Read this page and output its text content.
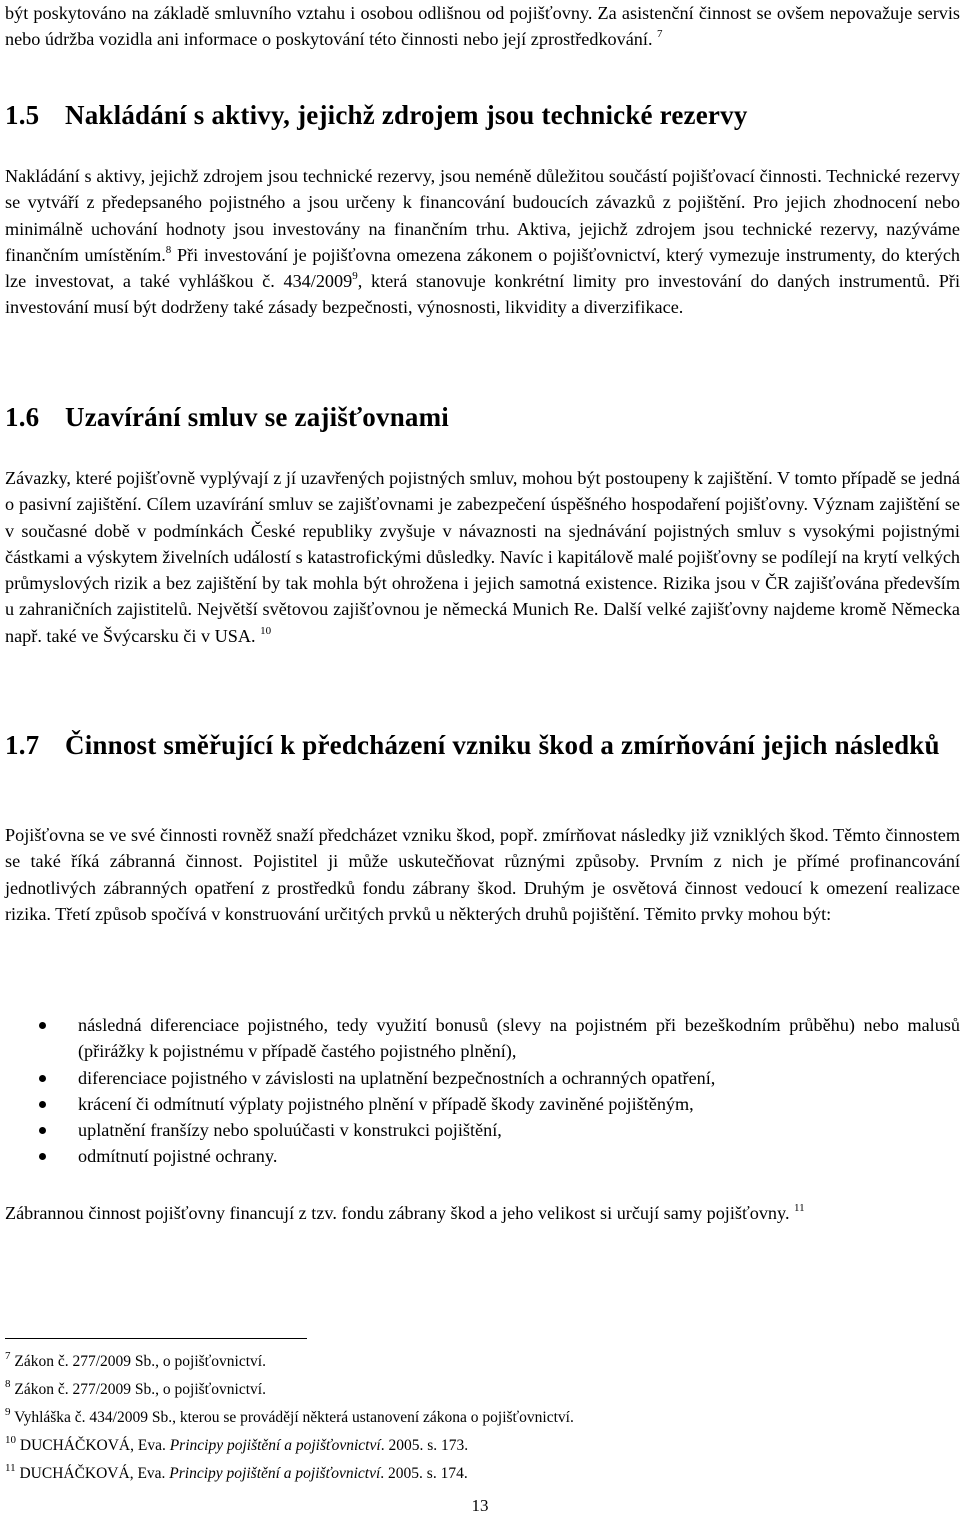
být poskytováno na základě smluvního vztahu i osobou odlišnou od pojišťovny. Za asistenční činnost se ovšem nepovažuje servis nebo údržba vozidla ani informace o poskytování této činnosti nebo její zprostředkování. $^7$

1.5 Nakládání s aktivy, jejichž zdrojem jsou technické rezervy

Nakládání s aktivy, jejichž zdrojem jsou technické rezervy, jsou neméně důležitou součástí pojišťovací činnosti. Technické rezervy se vytváří z předepsaného pojistného a jsou určeny k financování budoucích závazků z pojištění. Pro jejich zhodnocení nebo minimálně uchování hodnoty jsou investovány na finančním trhu. Aktiva, jejichž zdrojem jsou technické rezervy, nazýváme finančním umístěním.$^8$ Při investování je pojišťovna omezena zákonem o pojišťovnictví, který vymezuje instrumenty, do kterých lze investovat, a také vyhláškou č. 434/2009$^9$, která stanovuje konkrétní limity pro investování do daných instrumentů. Při investování musí být dodrženy také zásady bezpečnosti, výnosnosti, likvidity a diverzifikace.

1.6 Uzavírání smluv se zajišťovnami

Závazky, které pojišťovně vyplývají z jí uzavřených pojistných smluv, mohou být postoupeny k zajištění. V tomto případě se jedná o pasivní zajištění. Cílem uzavírání smluv se zajišťovnami je zabezpečení úspěšného hospodaření pojišťovny. Význam zajištění se v současné době v podmínkách České republiky zvyšuje v návaznosti na sjednávání pojistných smluv s vysokými pojistnými částkami a výskytem živelních událostí s katastrofickými důsledky. Navíc i kapitálově malé pojišťovny se podílejí na krytí velkých průmyslových rizik a bez zajištění by tak mohla být ohrožena i jejich samotná existence. Rizika jsou v ČR zajišťována především u zahraničních zajistitelů. Největší světovou zajišťovnou je německá Munich Re. Další velké zajišťovny najdeme kromě Německa např. také ve Švýcarsku či v USA. $^{10}$

1.7 Činnost směřující k předcházení vzniku škod a zmírňování jejich následků

Pojišťovna se ve své činnosti rovněž snaží předcházet vzniku škod, popř. zmírňovat následky již vzniklých škod. Těmto činnostem se také říká zábranná činnost. Pojistitel ji může uskutečňovat různými způsoby. Prvním z nich je přímé profinancování jednotlivých zábranných opatření z prostředků fondu zábrany škod. Druhým je osvětová činnost vedoucí k omezení realizace rizika. Třetí způsob spočívá v konstruování určitých prvků u některých druhů pojištění. Těmito prvky mohou být:

následná diferenciace pojistného, tedy využití bonusů (slevy na pojistném při bezeškodním průběhu) nebo malusů (přirážky k pojistnému v případě častého pojistného plnění),
diferenciace pojistného v závislosti na uplatnění bezpečnostních a ochranných opatření,
krácení či odmítnutí výplaty pojistného plnění v případě škody zaviněné pojištěným,
uplatnění franšízy nebo spoluúčasti v konstrukci pojištění,
odmítnutí pojistné ochrany.

Zábrannou činnost pojišťovny financují z tzv. fondu zábrany škod a jeho velikost si určují samy pojišťovny. $^{11}$

$^7$ Zákon č. 277/2009 Sb., o pojišťovnictví.

$^8$ Zákon č. 277/2009 Sb., o pojišťovnictví.

$^9$ Vyhláška č. 434/2009 Sb., kterou se provádějí některá ustanovení zákona o pojišťovnictví.

$^{10}$ DUCHÁČKOVÁ, Eva. Principy pojištění a pojišťovnictví. 2005. s. 173.

$^{11}$ DUCHÁČKOVÁ, Eva. Principy pojištění a pojišťovnictví. 2005. s. 174.

13
